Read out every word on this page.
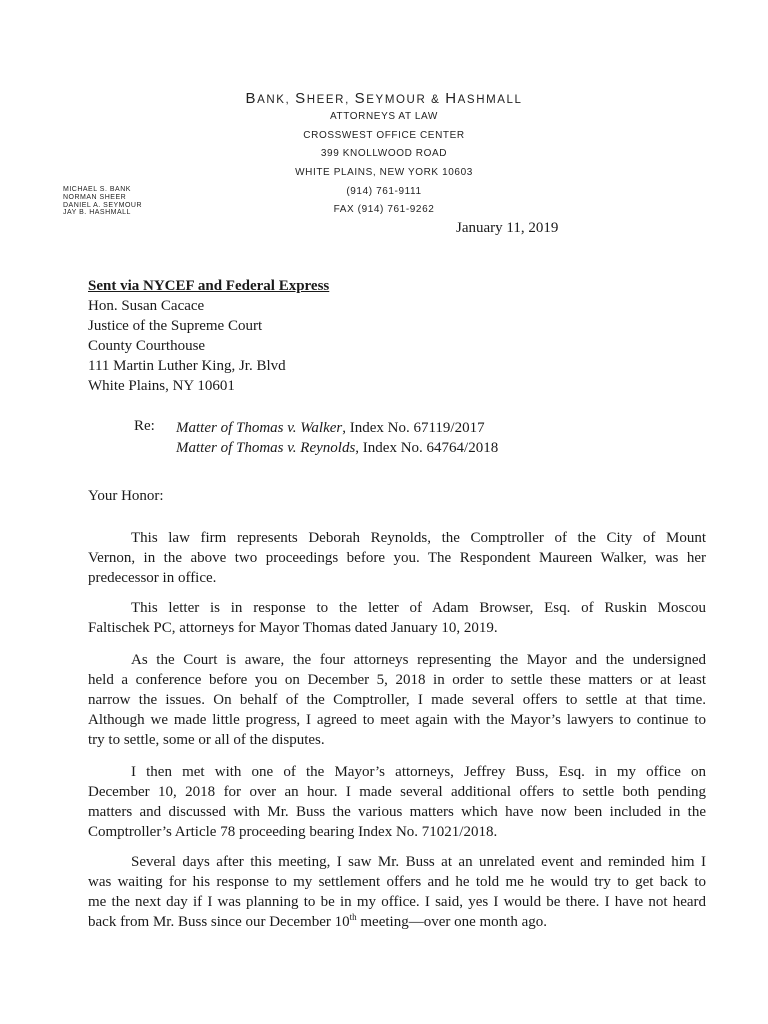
BANK, SHEER, SEYMOUR & HASHMALL
ATTORNEYS AT LAW
CROSSWEST OFFICE CENTER
399 KNOLLWOOD ROAD
WHITE PLAINS, NEW YORK 10603
(914) 761-9111
FAX (914) 761-9262
MICHAEL S. BANK
NORMAN SHEER
DANIEL A. SEYMOUR
JAY B. HASHMALL
January 11, 2019
Sent via NYCEF and Federal Express
Hon. Susan Cacace
Justice of the Supreme Court
County Courthouse
111 Martin Luther King, Jr. Blvd
White Plains, NY 10601
Re: Matter of Thomas v. Walker, Index No. 67119/2017
Matter of Thomas v. Reynolds, Index No. 64764/2018
Your Honor:
This law firm represents Deborah Reynolds, the Comptroller of the City of Mount
Vernon, in the above two proceedings before you. The Respondent Maureen Walker, was her
predecessor in office.
This letter is in response to the letter of Adam Browser, Esq. of Ruskin Moscou
Faltischek PC, attorneys for Mayor Thomas dated January 10, 2019.
As the Court is aware, the four attorneys representing the Mayor and the undersigned
held a conference before you on December 5, 2018 in order to settle these matters or at least
narrow the issues. On behalf of the Comptroller, I made several offers to settle at that time.
Although we made little progress, I agreed to meet again with the Mayor’s lawyers to continue to
try to settle, some or all of the disputes.
I then met with one of the Mayor’s attorneys, Jeffrey Buss, Esq. in my office on
December 10, 2018 for over an hour. I made several additional offers to settle both pending
matters and discussed with Mr. Buss the various matters which have now been included in the
Comptroller’s Article 78 proceeding bearing Index No. 71021/2018.
Several days after this meeting, I saw Mr. Buss at an unrelated event and reminded him I
was waiting for his response to my settlement offers and he told me he would try to get back to
me the next day if I was planning to be in my office. I said, yes I would be there. I have not heard
back from Mr. Buss since our December 10th meeting—over one month ago.
